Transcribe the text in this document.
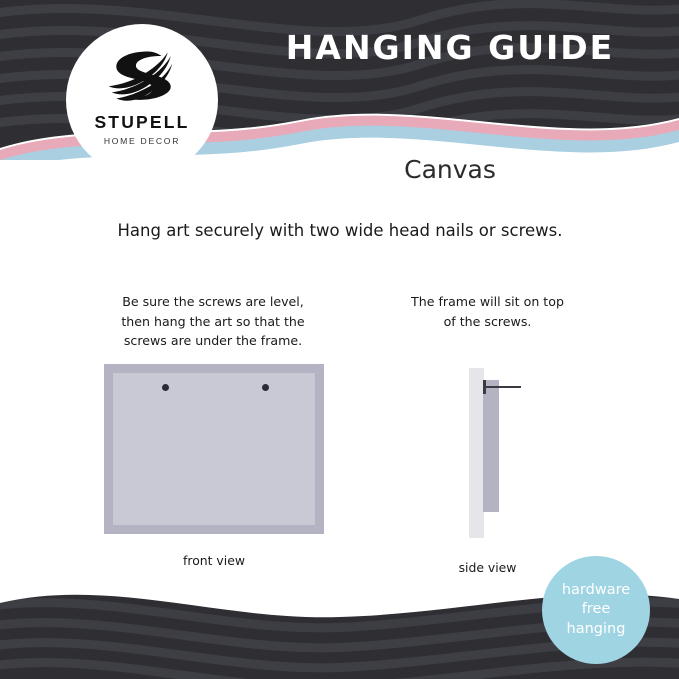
STUPELL
HOME DECOR
HANGING GUIDE
Canvas
Hang art securely with two wide head nails or screws.
Be sure the screws are level,
then hang the art so that the
screws are under the frame.
The frame will sit on top
of the screws.
front view	side view
hardware
free
hanging
